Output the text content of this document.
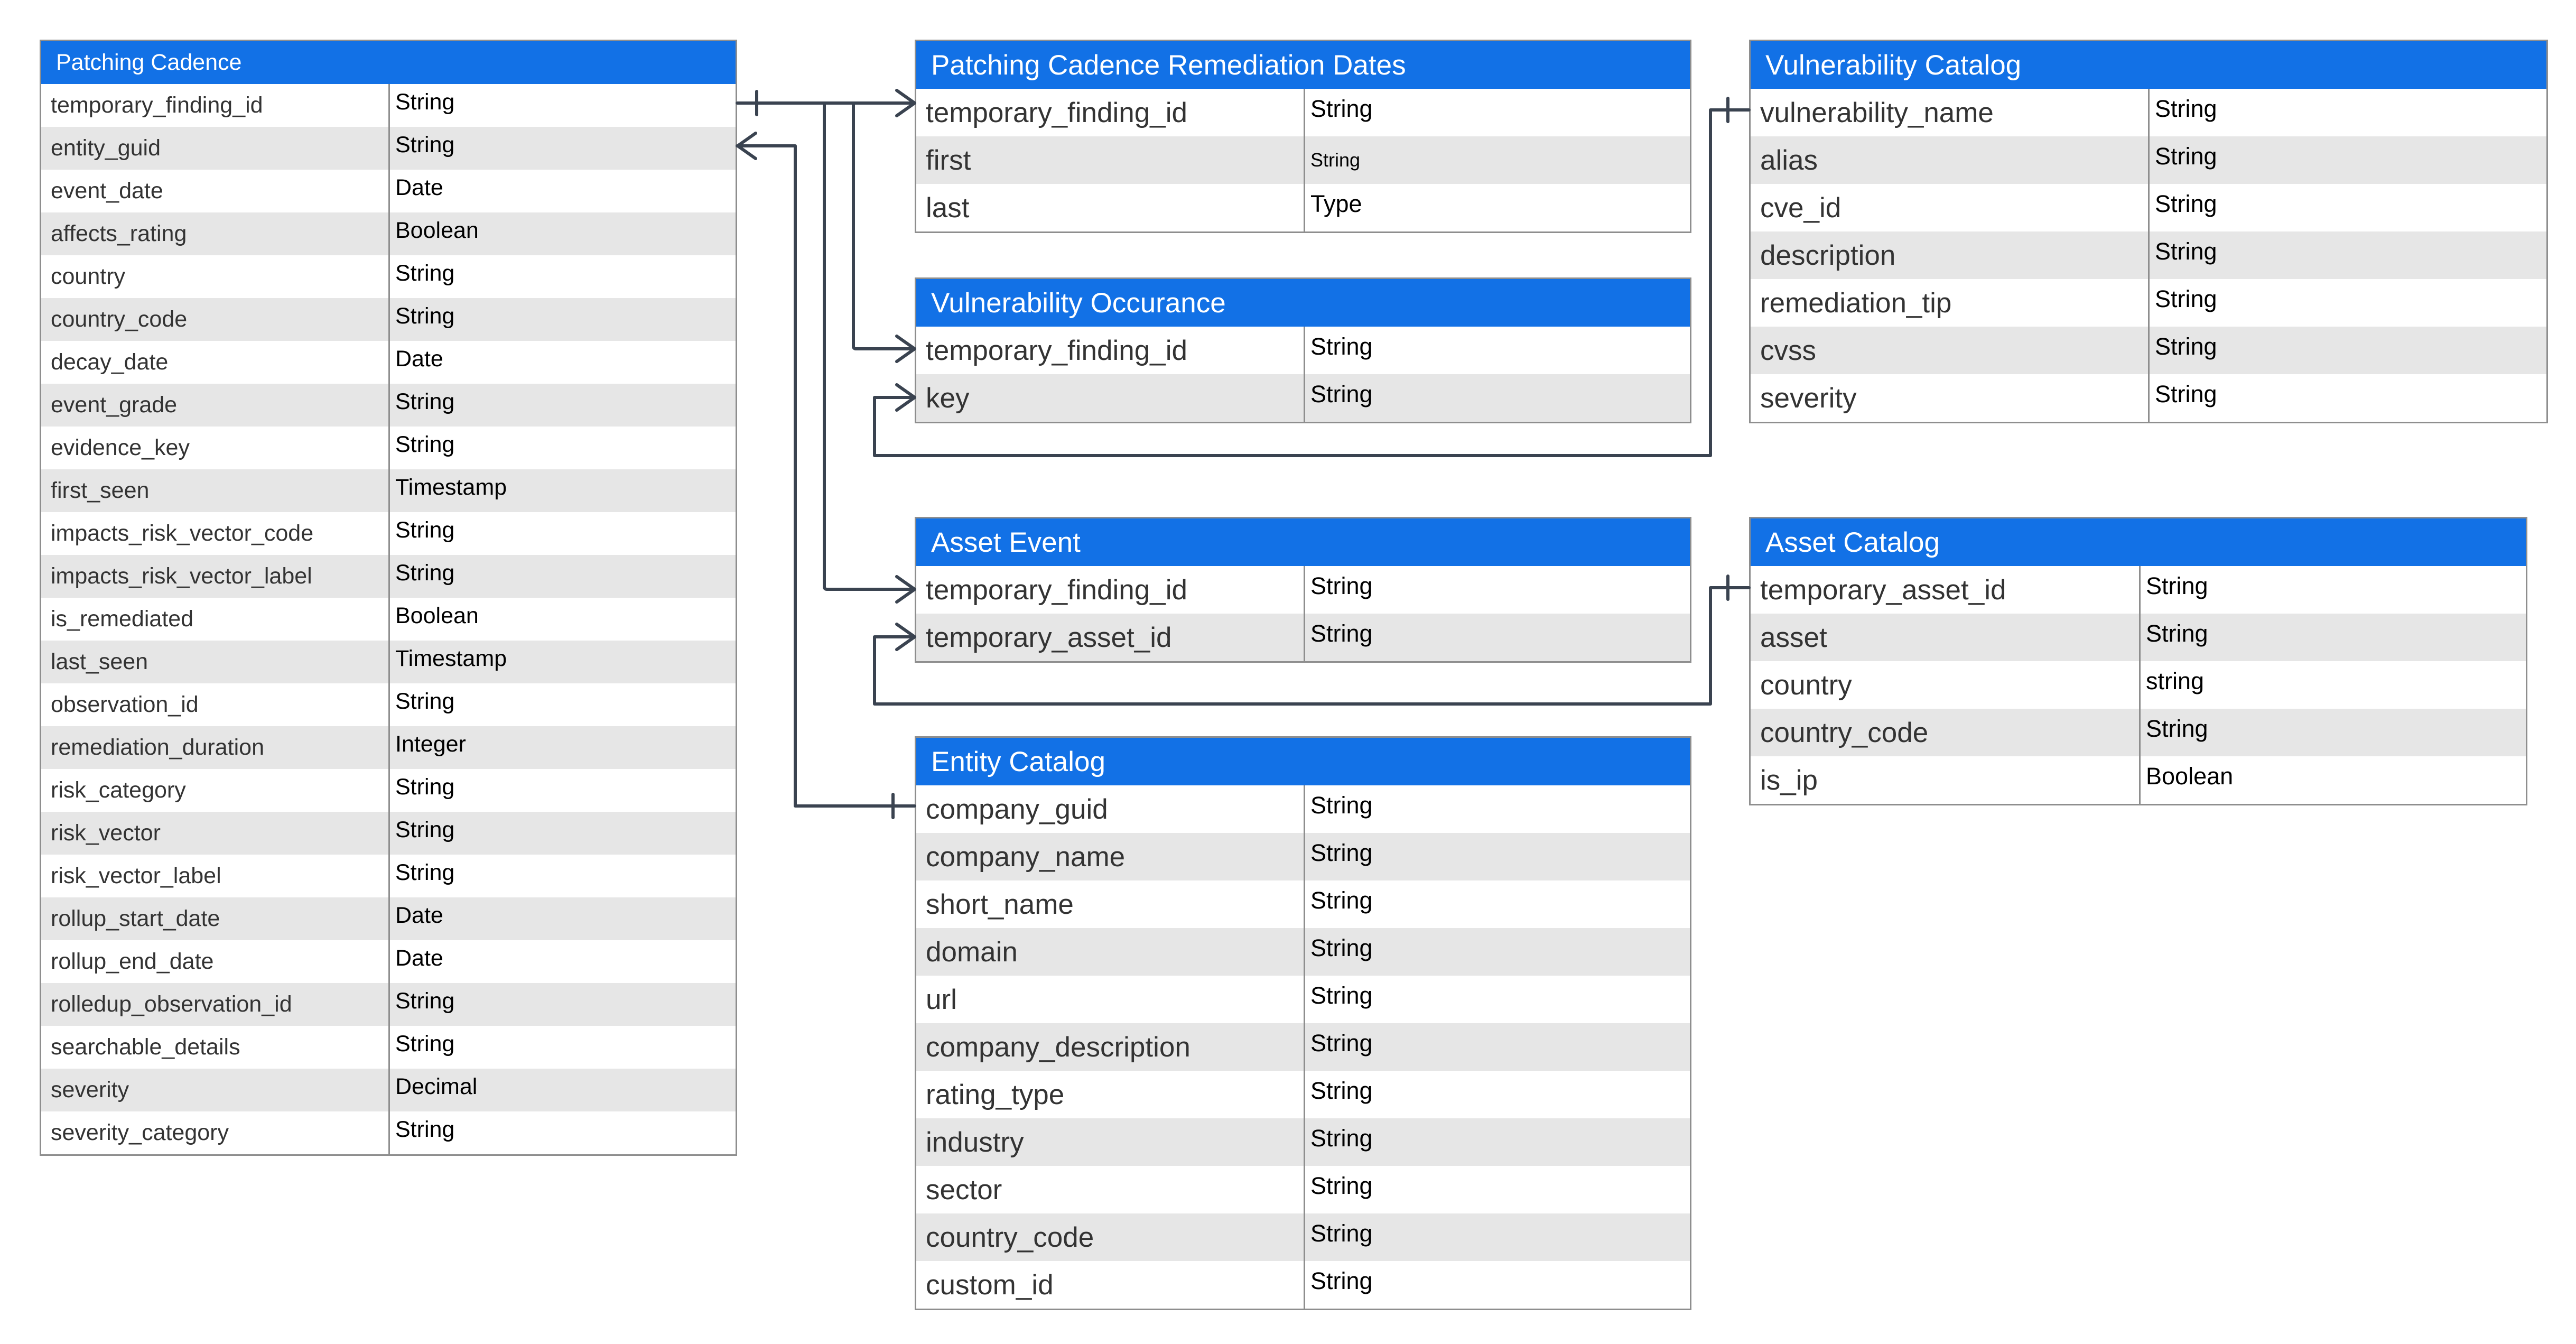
Patching Cadence
temporary_finding_id	String
entity_guid	String
event_date	Date
affects_rating	Boolean
country	String
country_code	String
decay_date	Date
event_grade	String
evidence_key	String
first_seen	Timestamp
impacts_risk_vector_code	String
impacts_risk_vector_label	String
is_remediated	Boolean
last_seen	Timestamp
observation_id	String
remediation_duration	Integer
risk_category	String
risk_vector	String
risk_vector_label	String
rollup_start_date	Date
rollup_end_date	Date
rolledup_observation_id	String
searchable_details	String
severity	Decimal
severity_category	String
Patching Cadence Remediation Dates
temporary_finding_id	String
first	String
last	Type
Vulnerability Occurance
temporary_finding_id	String
key	String
Asset Event
temporary_finding_id	String
temporary_asset_id	String
Entity Catalog
company_guid	String
company_name	String
short_name	String
domain	String
url	String
company_description	String
rating_type	String
industry	String
sector	String
country_code	String
custom_id	String
Vulnerability Catalog
vulnerability_name	String
alias	String
cve_id	String
description	String
remediation_tip	String
cvss	String
severity	String
Asset Catalog
temporary_asset_id	String
asset	String
country	string
country_code	String
is_ip	Boolean
